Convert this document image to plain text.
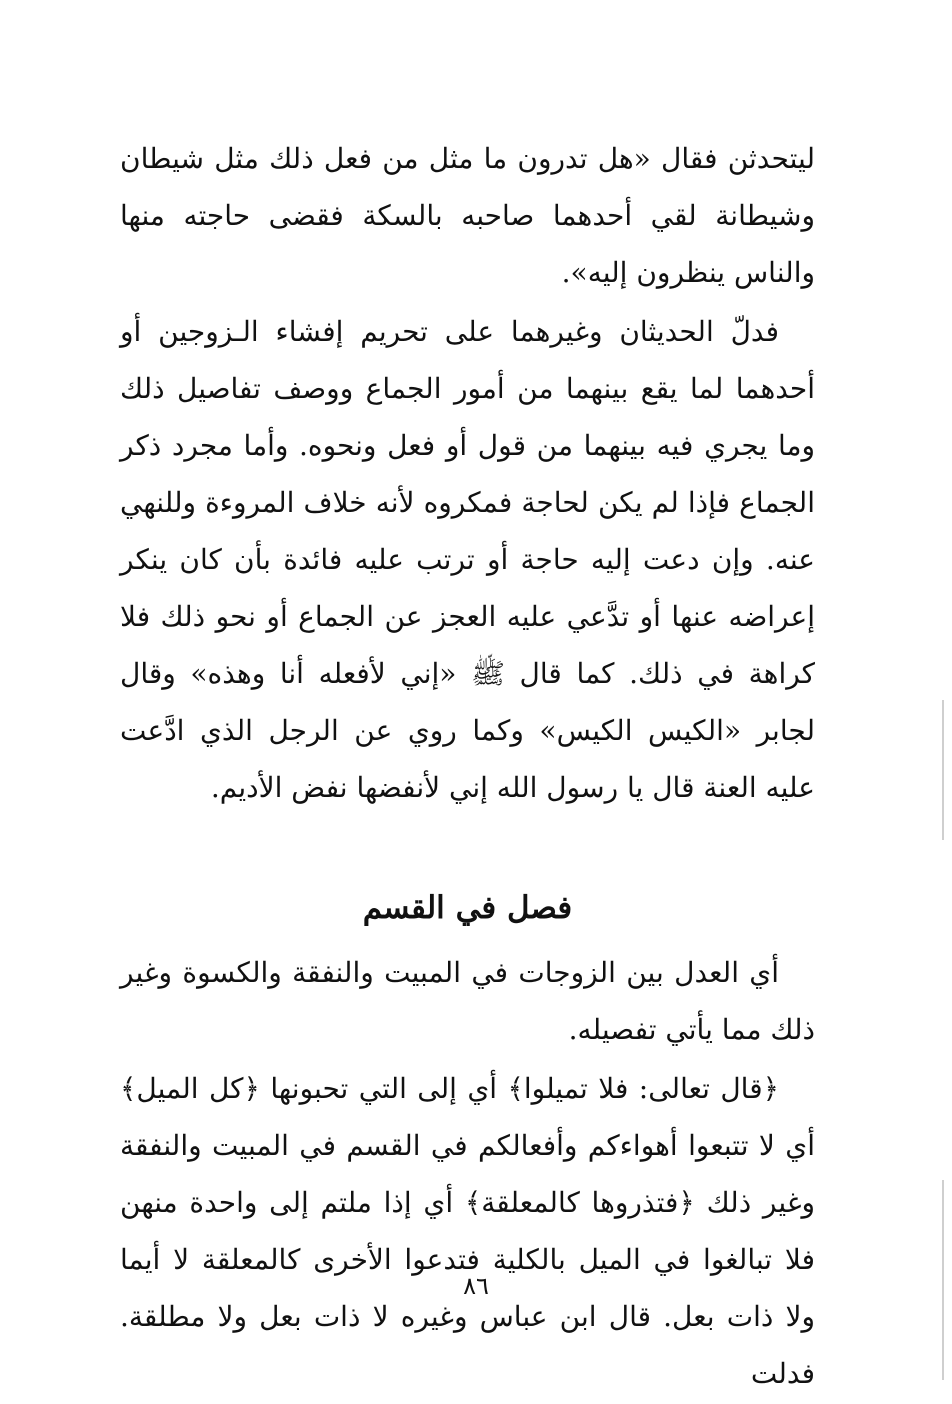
ليتحدثن فقال «هل تدرون ما مثل من فعل ذلك مثل شيطان وشيطانة لقي أحدهما صاحبه بالسكة فقضى حاجته منها والناس ينظرون إليه».

فدلّ الحديثان وغيرهما على تحريم إفشاء الـزوجين أو أحدهما لما يقع بينهما من أمور الجماع ووصف تفاصيل ذلك وما يجري فيه بينهما من قول أو فعل ونحوه. وأما مجرد ذكر الجماع فإذا لم يكن لحاجة فمكروه لأنه خلاف المروءة وللنهي عنه. وإن دعت إليه حاجة أو ترتب عليه فائدة بأن كان ينكر إعراضه عنها أو تدَّعي عليه العجز عن الجماع أو نحو ذلك فلا كراهة في ذلك. كما قال ﷺ «إني لأفعله أنا وهذه» وقال لجابر «الكيس الكيس» وكما روي عن الرجل الذي ادَّعت عليه العنة قال يا رسول الله إني لأنفضها نفض الأديم.

فصل في القسم

أي العدل بين الزوجات في المبيت والنفقة والكسوة وغير ذلك مما يأتي تفصيله.

﴿قال تعالى: فلا تميلوا﴾ أي إلى التي تحبونها ﴿كل الميل﴾ أي لا تتبعوا أهواءكم وأفعالكم في القسم في المبيت والنفقة وغير ذلك ﴿فتذروها كالمعلقة﴾ أي إذا ملتم إلى واحدة منهن فلا تبالغوا في الميل بالكلية فتدعوا الأخرى كالمعلقة لا أيما ولا ذات بعل. قال ابن عباس وغيره لا ذات بعل ولا مطلقة. فدلت

٨٦
